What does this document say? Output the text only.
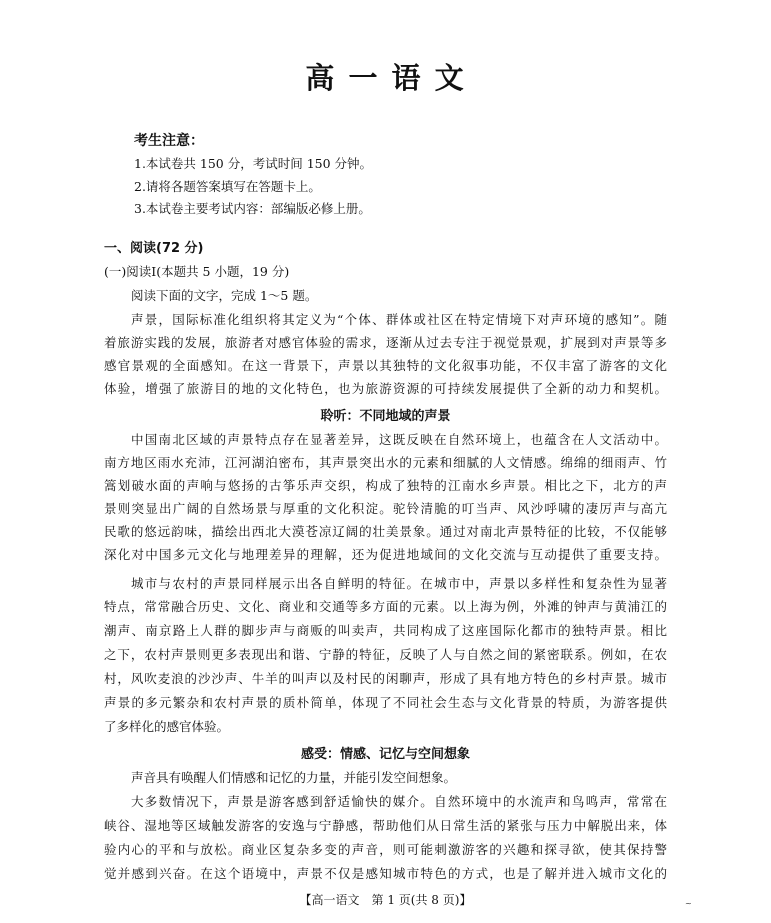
高 一 语 文
考生注意：
1.本试卷共 150 分，考试时间 150 分钟。
2.请将各题答案填写在答题卡上。
3.本试卷主要考试内容：部编版必修上册。
一、阅读(72 分)
(一)阅读Ⅰ(本题共 5 小题，19 分)
阅读下面的文字，完成 1～5 题。
声景，国际标准化组织将其定义为“个体、群体或社区在特定情境下对声环境的感知”。随
着旅游实践的发展，旅游者对感官体验的需求，逐渐从过去专注于视觉景观，扩展到对声景等多
感官景观的全面感知。在这一背景下，声景以其独特的文化叙事功能，不仅丰富了游客的文化
体验，增强了旅游目的地的文化特色，也为旅游资源的可持续发展提供了全新的动力和契机。
聆听：不同地域的声景
中国南北区域的声景特点存在显著差异，这既反映在自然环境上，也蕴含在人文活动中。
南方地区雨水充沛，江河湖泊密布，其声景突出水的元素和细腻的人文情感。绵绵的细雨声、竹
篙划破水面的声响与悠扬的古筝乐声交织，构成了独特的江南水乡声景。相比之下，北方的声
景则突显出广阔的自然场景与厚重的文化积淀。驼铃清脆的叮当声、风沙呼啸的凄厉声与高亢
民歌的悠远韵味，描绘出西北大漠苍凉辽阔的壮美景象。通过对南北声景特征的比较，不仅能够
深化对中国多元文化与地理差异的理解，还为促进地域间的文化交流与互动提供了重要支持。
城市与农村的声景同样展示出各自鲜明的特征。在城市中，声景以多样性和复杂性为显著
特点，常常融合历史、文化、商业和交通等多方面的元素。以上海为例，外滩的钟声与黄浦江的
潮声、南京路上人群的脚步声与商贩的叫卖声，共同构成了这座国际化都市的独特声景。相比
之下，农村声景则更多表现出和谐、宁静的特征，反映了人与自然之间的紧密联系。例如，在农
村，风吹麦浪的沙沙声、牛羊的叫声以及村民的闲聊声，形成了具有地方特色的乡村声景。城市
声景的多元繁杂和农村声景的质朴简单，体现了不同社会生态与文化背景的特质，为游客提供
了多样化的感官体验。
感受：情感、记忆与空间想象
声音具有唤醒人们情感和记忆的力量，并能引发空间想象。
大多数情况下，声景是游客感到舒适愉快的媒介。自然环境中的水流声和鸟鸣声，常常在
峡谷、湿地等区域触发游客的安逸与宁静感，帮助他们从日常生活的紧张与压力中解脱出来，体
验内心的平和与放松。商业区复杂多变的声音，则可能刺激游客的兴趣和探寻欲，使其保持警
觉并感到兴奋。在这个语境中，声景不仅是感知城市特色的方式，也是了解并进入城市文化的
【高一语文　第 1 页(共 8 页)】	~
